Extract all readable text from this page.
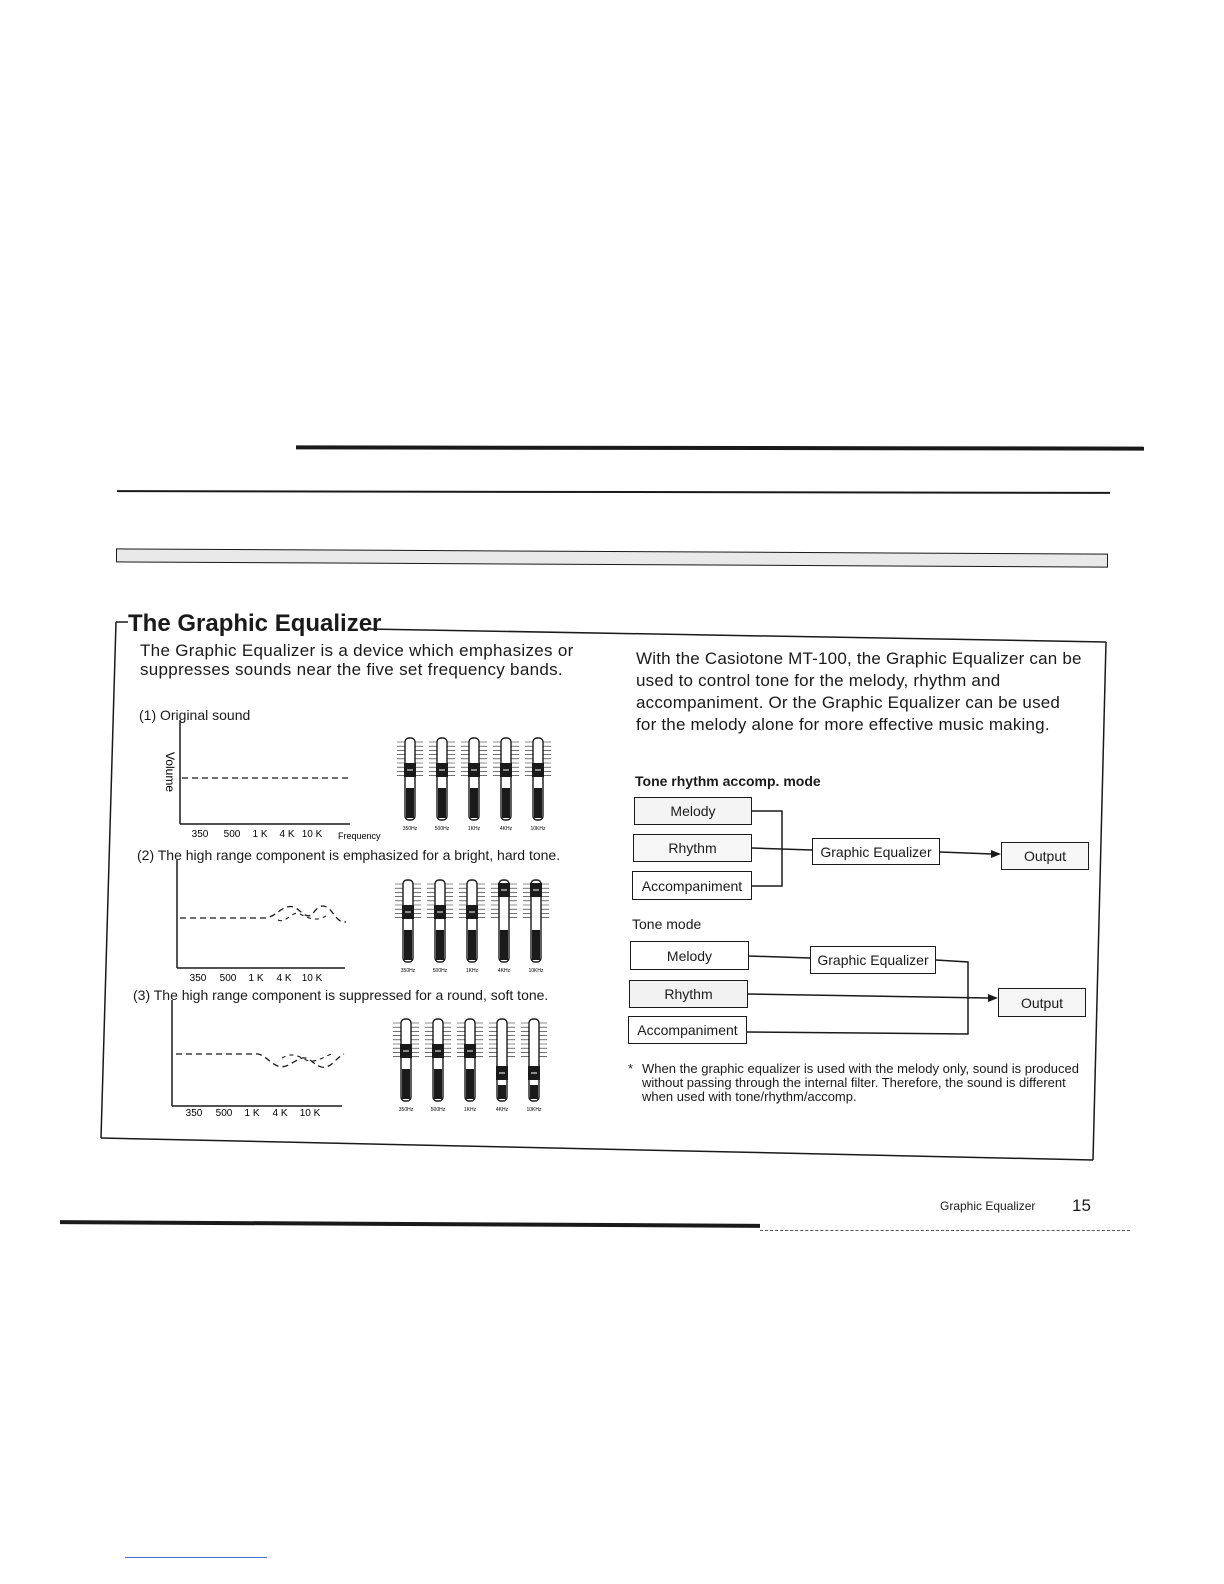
The Graphic Equalizer

The Graphic Equalizer is a device which emphasizes or suppresses sounds near the five set frequency bands.

(1) Original sound

Volume
350 500 1 K 4 K 10 K Frequency
350Hz	500Hz	1KHz	4KHz	10KHz

(2) The high range component is emphasized for a bright, hard tone.

350 500 1 K 4 K 10 K
350Hz	500Hz	1KHz	4KHz	10KHz

(3) The high range component is suppressed for a round, soft tone.

350 500 1 K 4 K 10 K	350Hz	500Hz	1KHz	4KHz	10KHz

With the Casiotone MT-100, the Graphic Equalizer can be used to control tone for the melody, rhythm and accompaniment. Or the Graphic Equalizer can be used for the melody alone for more effective music making.

Tone rhythm accomp. mode

Melody
Rhythm
Accompaniment
Graphic Equalizer	Output

Tone mode

Melody
Rhythm
Accompaniment
Graphic Equalizer
Output

* When the graphic equalizer is used with the melody only, sound is produced without passing through the internal filter. Therefore, the sound is different when used with tone/rhythm/accomp.

Graphic Equalizer 15
